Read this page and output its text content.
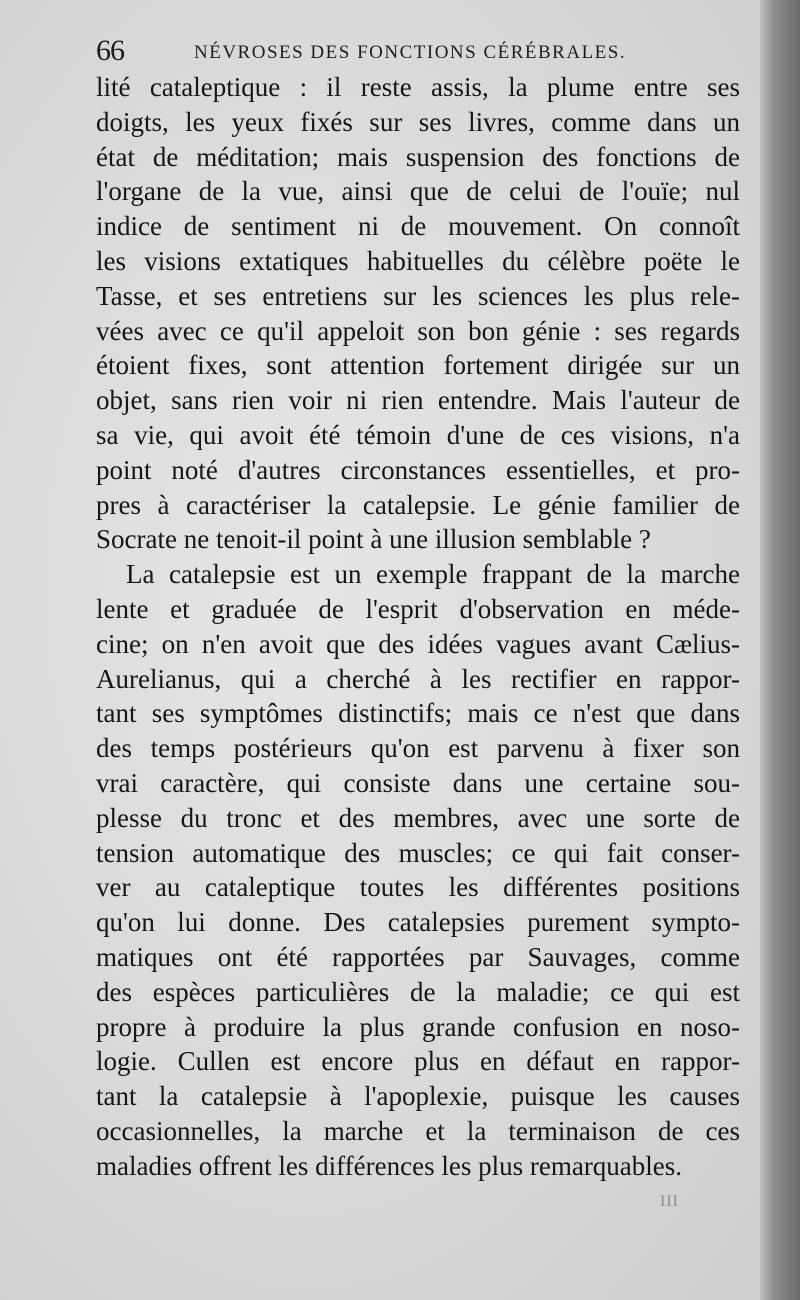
66	NÉVROSES DES FONCTIONS CÉRÉBRALES.
lité cataleptique : il reste assis, la plume entre ses
doigts, les yeux fixés sur ses livres, comme dans un
état de méditation; mais suspension des fonctions de
l'organe de la vue, ainsi que de celui de l'ouïe; nul
indice de sentiment ni de mouvement. On connoît
les visions extatiques habituelles du célèbre poëte le
Tasse, et ses entretiens sur les sciences les plus rele-
vées avec ce qu'il appeloit son bon génie : ses regards
étoient fixes, sont attention fortement dirigée sur un
objet, sans rien voir ni rien entendre. Mais l'auteur de
sa vie, qui avoit été témoin d'une de ces visions, n'a
point noté d'autres circonstances essentielles, et pro-
pres à caractériser la catalepsie. Le génie familier de
Socrate ne tenoit-il point à une illusion semblable ?
La catalepsie est un exemple frappant de la marche
lente et graduée de l'esprit d'observation en méde-
cine; on n'en avoit que des idées vagues avant Cælius-
Aurelianus, qui a cherché à les rectifier en rappor-
tant ses symptômes distinctifs; mais ce n'est que dans
des temps postérieurs qu'on est parvenu à fixer son
vrai caractère, qui consiste dans une certaine sou-
plesse du tronc et des membres, avec une sorte de
tension automatique des muscles; ce qui fait conser-
ver au cataleptique toutes les différentes positions
qu'on lui donne. Des catalepsies purement sympto-
matiques ont été rapportées par Sauvages, comme
des espèces particulières de la maladie; ce qui est
propre à produire la plus grande confusion en noso-
logie. Cullen est encore plus en défaut en rappor-
tant la catalepsie à l'apoplexie, puisque les causes
occasionnelles, la marche et la terminaison de ces
maladies offrent les différences les plus remarquables.
III
